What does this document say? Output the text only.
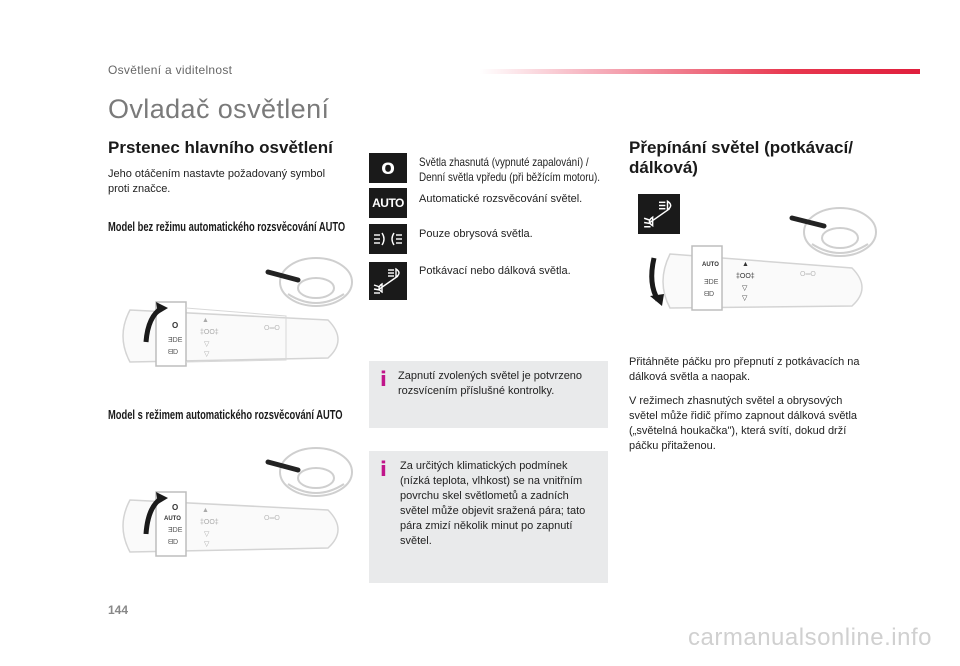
Osvětlení a viditelnost
Ovladač osvětlení
Prstenec hlavního osvětlení
Jeho otáčením nastavte požadovaný symbol
proti značce.
Model bez režimu automatického rozsvěcování AUTO
O
ƎDE
ᗺD
▲
‡OO‡
▽
▽
O═O
Model s režimem automatického rozsvěcování AUTO
O
AUTO
ƎDE
ᗺD
▲
‡OO‡
▽
▽
O═O
O Světla zhasnutá (vypnuté zapalování) /
Denní světla vpředu (při běžícím motoru).
AUTO Automatické rozsvěcování světel.
Pouze obrysová světla.
Potkávací nebo dálková světla.
i Zapnutí zvolených světel je potvrzeno
rozsvícením příslušné kontrolky.
i Za určitých klimatických podmínek
(nízká teplota, vlhkost) se na vnitřním
povrchu skel světlometů a zadních
světel může objevit sražená pára; tato
pára zmizí několik minut po zapnutí
světel.
Přepínání světel (potkávací/
dálková)
AUTO
ƎDE
ᗺD
▲
‡OO‡
▽
▽
O═O
Přitáhněte páčku pro přepnutí z potkávacích na
dálková světla a naopak.
V režimech zhasnutých světel a obrysových
světel může řidič přímo zapnout dálková světla
(„světelná houkačka"), která svítí, dokud drží
páčku přitaženou.
144
carmanualsonline.info
